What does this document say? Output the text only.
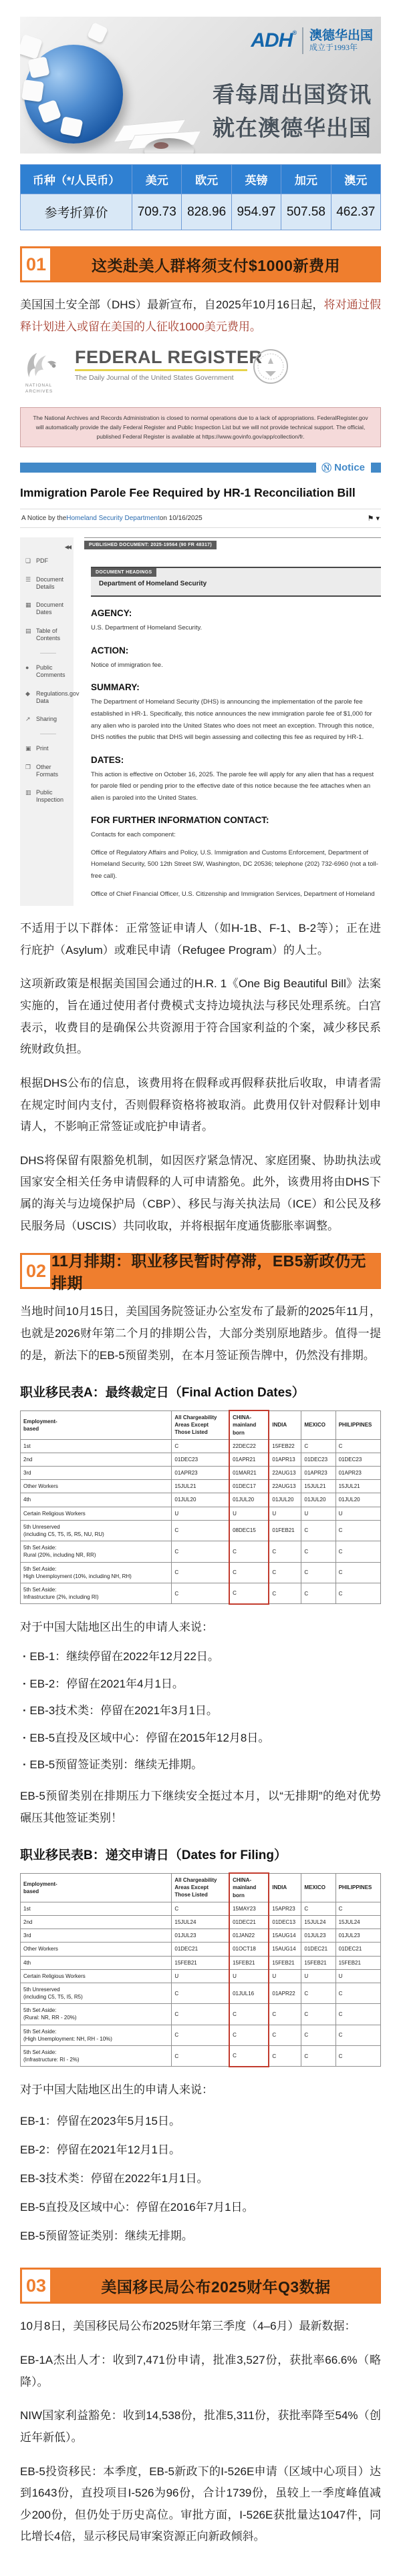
ADH® 澳德华出国
成立于1993年
看每周出国资讯
就在澳德华出国
币种（*/人民币）	美元	欧元	英镑	加元	澳元
参考折算价	709.73	828.96	954.97	507.58	462.37
01	这类赴美人群将须支付$1000新费用

美国国土安全部（DHS）最新宣布，自2025年10月16日起，将对通过假释计划进入或留在美国的人征收1000美元费用。

NATIONAL
ARCHIVES
FEDERAL REGISTER
The Daily Journal of the United States Government
The National Archives and Records Administration is closed to normal operations due to a lack of appropriations. FederalRegister.gov will automatically provide the daily Federal Register and Public Inspection List but we will not provide technical support. The official, published Federal Register is available at https://www.govinfo.gov/app/collection/fr.
Ⓝ Notice
Immigration Parole Fee Required by HR-1 Reconciliation Bill
A Notice by the Homeland Security Department on 10/16/2025	⚑ ▾
◀◀
❏ PDF
☰ Document Details
▦ Document Dates
▤ Table of Contents
●	Public Comments
◆	Regulations.gov Data
↗ Sharing
▣ Print
❐ Other Formats
▥ Public Inspection
PUBLISHED DOCUMENT: 2025-19564 (90 FR 48317)
DOCUMENT HEADINGS
Department of Homeland Security
AGENCY:
U.S. Department of Homeland Security.
ACTION:
Notice of immigration fee.
SUMMARY:
The Department of Homeland Security (DHS) is announcing the implementation of the parole fee established in HR-1. Specifically, this notice announces the new immigration parole fee of $1,000 for any alien who is paroled into the United States who does not meet an exception. Through this notice, DHS notifies the public that DHS will begin assessing and collecting this fee as required by HR-1.
DATES:
This action is effective on October 16, 2025. The parole fee will apply for any alien that has a request for parole filed or pending prior to the effective date of this notice because the fee attaches when an alien is paroled into the United States.
FOR FURTHER INFORMATION CONTACT:
Contacts for each component:
Office of Regulatory Affairs and Policy, U.S. Immigration and Customs Enforcement, Department of Homeland Security, 500 12th Street SW, Washington, DC 20536; telephone (202) 732-6960 (not a toll-free call).
Office of Chief Financial Officer, U.S. Citizenship and Immigration Services, Department of Homeland

不适用于以下群体：正常签证申请人（如H-1B、F-1、B-2等）；正在进行庇护（Asylum）或难民申请（Refugee Program）的人士。

这项新政策是根据美国国会通过的H.R. 1《One Big Beautiful Bill》法案实施的，旨在通过使用者付费模式支持边境执法与移民处理系统。白宫表示，收费目的是确保公共资源用于符合国家利益的个案，减少移民系统财政负担。

根据DHS公布的信息，该费用将在假释或再假释获批后收取，申请者需在规定时间内支付，否则假释资格将被取消。此费用仅针对假释计划申请人，不影响正常签证或庇护申请者。

DHS将保留有限豁免机制，如因医疗紧急情况、家庭团聚、协助执法或国家安全相关任务申请假释的人可申请豁免。此外，该费用将由DHS下属的海关与边境保护局（CBP）、移民与海关执法局（ICE）和公民及移民服务局（USCIS）共同收取，并将根据年度通货膨胀率调整。

02 11月排期：职业移民暂时停滞，EB5新政仍无排期

当地时间10月15日，美国国务院签证办公室发布了最新的2025年11月，也就是2026财年第二个月的排期公告，大部分类别原地踏步。值得一提的是，新法下的EB-5预留类别，在本月签证预告牌中，仍然没有排期。

职业移民表A：最终裁定日（Final Action Dates）
Employment-
based	All Chargeability
Areas Except
Those Listed	CHINA-
mainland
born	INDIA	MEXICO	PHILIPPINES
1st	C	22DEC22	15FEB22	C	C
2nd	01DEC23	01APR21	01APR13	01DEC23	01DEC23
3rd	01APR23	01MAR21	22AUG13	01APR23	01APR23
Other Workers	15JUL21	01DEC17	22AUG13	15JUL21	15JUL21
4th	01JUL20	01JUL20	01JUL20	01JUL20	01JUL20
Certain Religious Workers	U	U	U	U	U
5th Unreserved
(including C5, T5, I5, R5, NU, RU)	C	08DEC15	01FEB21	C	C
5th Set Aside:
Rural (20%, including NR, RR)	C	C	C	C	C
5th Set Aside:
High Unemployment (10%, including NH, RH)	C	C	C	C	C
5th Set Aside:
Infrastructure (2%, including RI)	C	C	C	C	C

对于中国大陆地区出生的申请人来说：

· EB-1：继续停留在2022年12月22日。
· EB-2：停留在2021年4月1日。
· EB-3技术类：停留在2021年3月1日。
· EB-5直投及区域中心：停留在2015年12月8日。
· EB-5预留签证类别：继续无排期。

EB-5预留类别在排期压力下继续安全挺过本月，以“无排期”的绝对优势碾压其他签证类别！

职业移民表B：递交申请日（Dates for Filing）
Employment-
based	All Chargeability
Areas Except
Those Listed	CHINA-
mainland
born	INDIA	MEXICO	PHILIPPINES
1st	C	15MAY23	15APR23	C	C
2nd	15JUL24	01DEC21	01DEC13	15JUL24	15JUL24
3rd	01JUL23	01JAN22	15AUG14	01JUL23	01JUL23
Other Workers	01DEC21	01OCT18	15AUG14	01DEC21	01DEC21
4th	15FEB21	15FEB21	15FEB21	15FEB21	15FEB21
Certain Religious Workers	U	U	U	U	U
5th Unreserved
(including C5, T5, I5, R5)	C	01JUL16	01APR22	C	C
5th Set Aside:
(Rural: NR, RR - 20%)	C	C	C	C	C
5th Set Aside:
(High Unemployment: NH, RH - 10%)	C	C	C	C	C
5th Set Aside:
(Infrastructure: RI - 2%)	C	C	C	C	C

对于中国大陆地区出生的申请人来说：

EB-1：停留在2023年5月15日。

EB-2：停留在2021年12月1日。

EB-3技术类：停留在2022年1月1日。

EB-5直投及区域中心：停留在2016年7月1日。

EB-5预留签证类别：继续无排期。

03	美国移民局公布2025财年Q3数据

10月8日，美国移民局公布2025财年第三季度（4–6月）最新数据：

EB-1A杰出人才：收到7,471份申请，批准3,527份，获批率66.6%（略降）。

NIW国家利益豁免：收到14,538份，批准5,311份，获批率降至54%（创近年新低）。

EB-5投资移民：本季度，EB-5新政下的I-526E申请（区域中心项目）达到1643份，直投项目I-526为96份，合计1739份，虽较上一季度峰值减少200份，但仍处于历史高位。审批方面，I-526E获批量达1047件，同比增长4倍，显示移民局审案资源正向新政倾斜。
